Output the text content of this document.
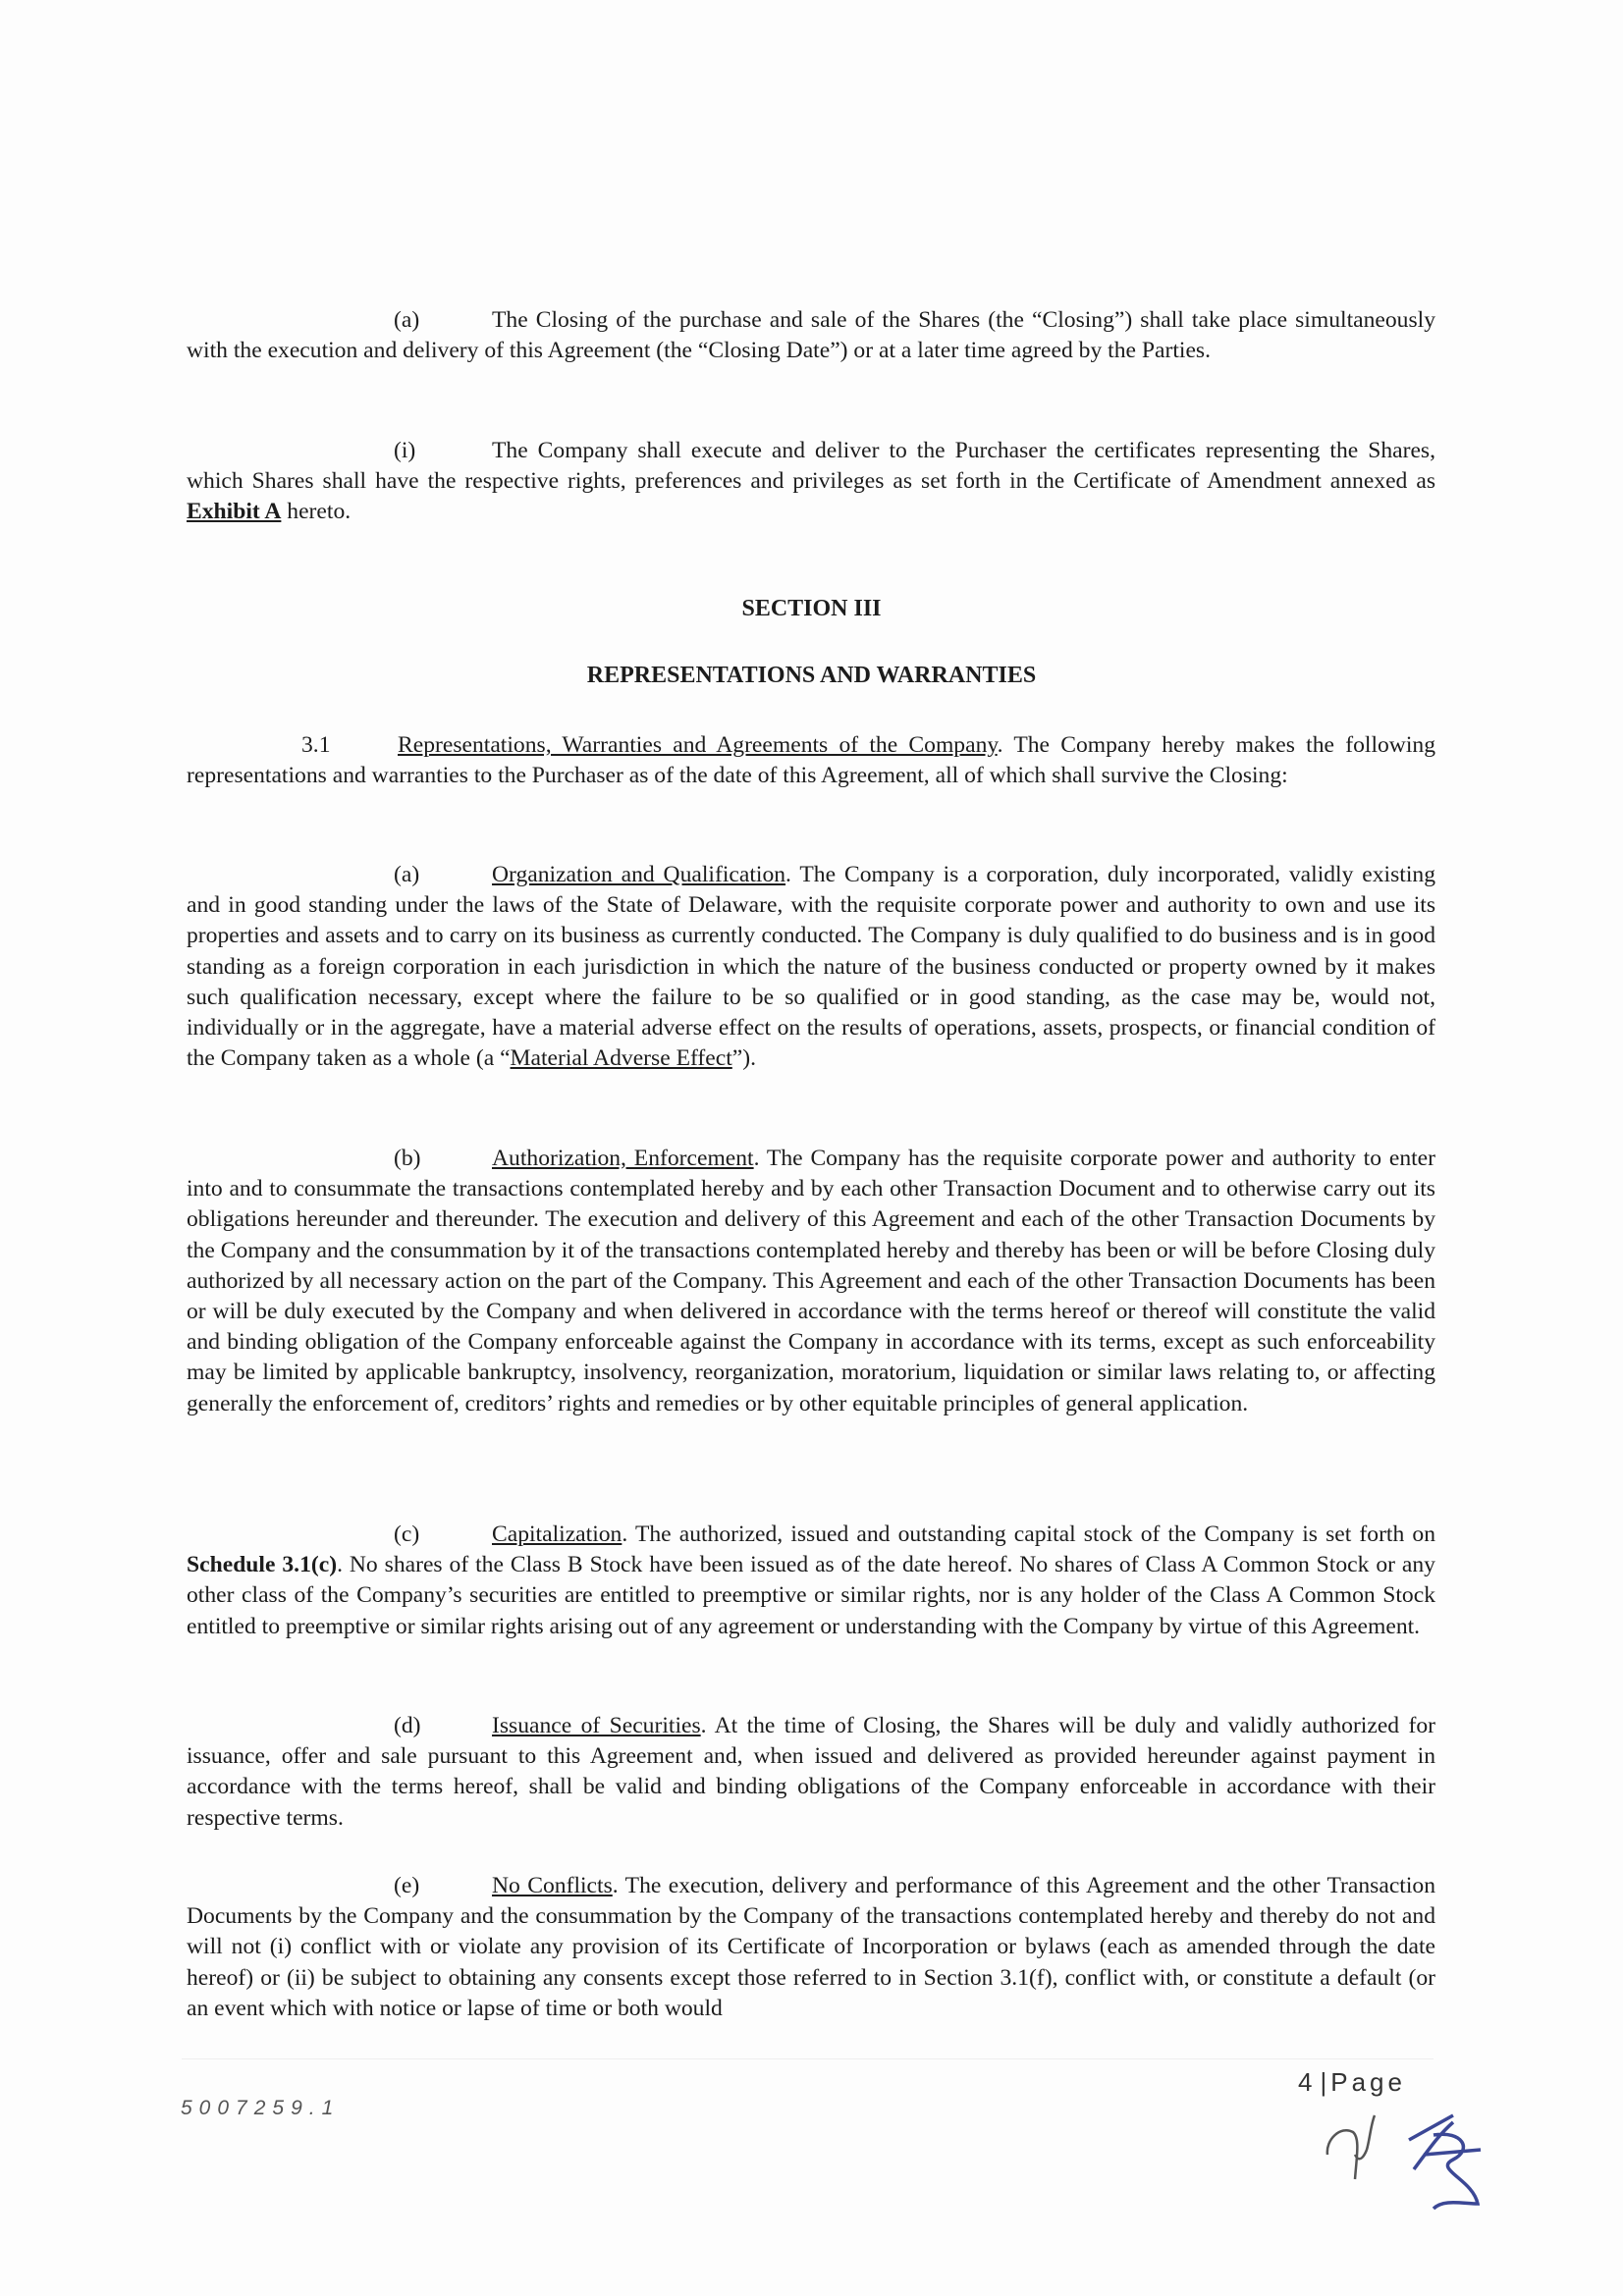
(a)	The Closing of the purchase and sale of the Shares (the “Closing”) shall take place simultaneously with the execution and delivery of this Agreement (the “Closing Date”) or at a later time agreed by the Parties.
(i)	The Company shall execute and deliver to the Purchaser the certificates representing the Shares, which Shares shall have the respective rights, preferences and privileges as set forth in the Certificate of Amendment annexed as Exhibit A hereto.
SECTION III
REPRESENTATIONS AND WARRANTIES
3.1	Representations, Warranties and Agreements of the Company. The Company hereby makes the following representations and warranties to the Purchaser as of the date of this Agreement, all of which shall survive the Closing:
(a)	Organization and Qualification. The Company is a corporation, duly incorporated, validly existing and in good standing under the laws of the State of Delaware, with the requisite corporate power and authority to own and use its properties and assets and to carry on its business as currently conducted. The Company is duly qualified to do business and is in good standing as a foreign corporation in each jurisdiction in which the nature of the business conducted or property owned by it makes such qualification necessary, except where the failure to be so qualified or in good standing, as the case may be, would not, individually or in the aggregate, have a material adverse effect on the results of operations, assets, prospects, or financial condition of the Company taken as a whole (a “Material Adverse Effect”).
(b)	Authorization, Enforcement. The Company has the requisite corporate power and authority to enter into and to consummate the transactions contemplated hereby and by each other Transaction Document and to otherwise carry out its obligations hereunder and thereunder. The execution and delivery of this Agreement and each of the other Transaction Documents by the Company and the consummation by it of the transactions contemplated hereby and thereby has been or will be before Closing duly authorized by all necessary action on the part of the Company. This Agreement and each of the other Transaction Documents has been or will be duly executed by the Company and when delivered in accordance with the terms hereof or thereof will constitute the valid and binding obligation of the Company enforceable against the Company in accordance with its terms, except as such enforceability may be limited by applicable bankruptcy, insolvency, reorganization, moratorium, liquidation or similar laws relating to, or affecting generally the enforcement of, creditors’ rights and remedies or by other equitable principles of general application.
(c)	Capitalization. The authorized, issued and outstanding capital stock of the Company is set forth on Schedule 3.1(c). No shares of the Class B Stock have been issued as of the date hereof. No shares of Class A Common Stock or any other class of the Company’s securities are entitled to preemptive or similar rights, nor is any holder of the Class A Common Stock entitled to preemptive or similar rights arising out of any agreement or understanding with the Company by virtue of this Agreement.
(d)	Issuance of Securities. At the time of Closing, the Shares will be duly and validly authorized for issuance, offer and sale pursuant to this Agreement and, when issued and delivered as provided hereunder against payment in accordance with the terms hereof, shall be valid and binding obligations of the Company enforceable in accordance with their respective terms.
(e)	No Conflicts. The execution, delivery and performance of this Agreement and the other Transaction Documents by the Company and the consummation by the Company of the transactions contemplated hereby and thereby do not and will not (i) conflict with or violate any provision of its Certificate of Incorporation or bylaws (each as amended through the date hereof) or (ii) be subject to obtaining any consents except those referred to in Section 3.1(f), conflict with, or constitute a default (or an event which with notice or lapse of time or both would
4 | Page
5007259.1
